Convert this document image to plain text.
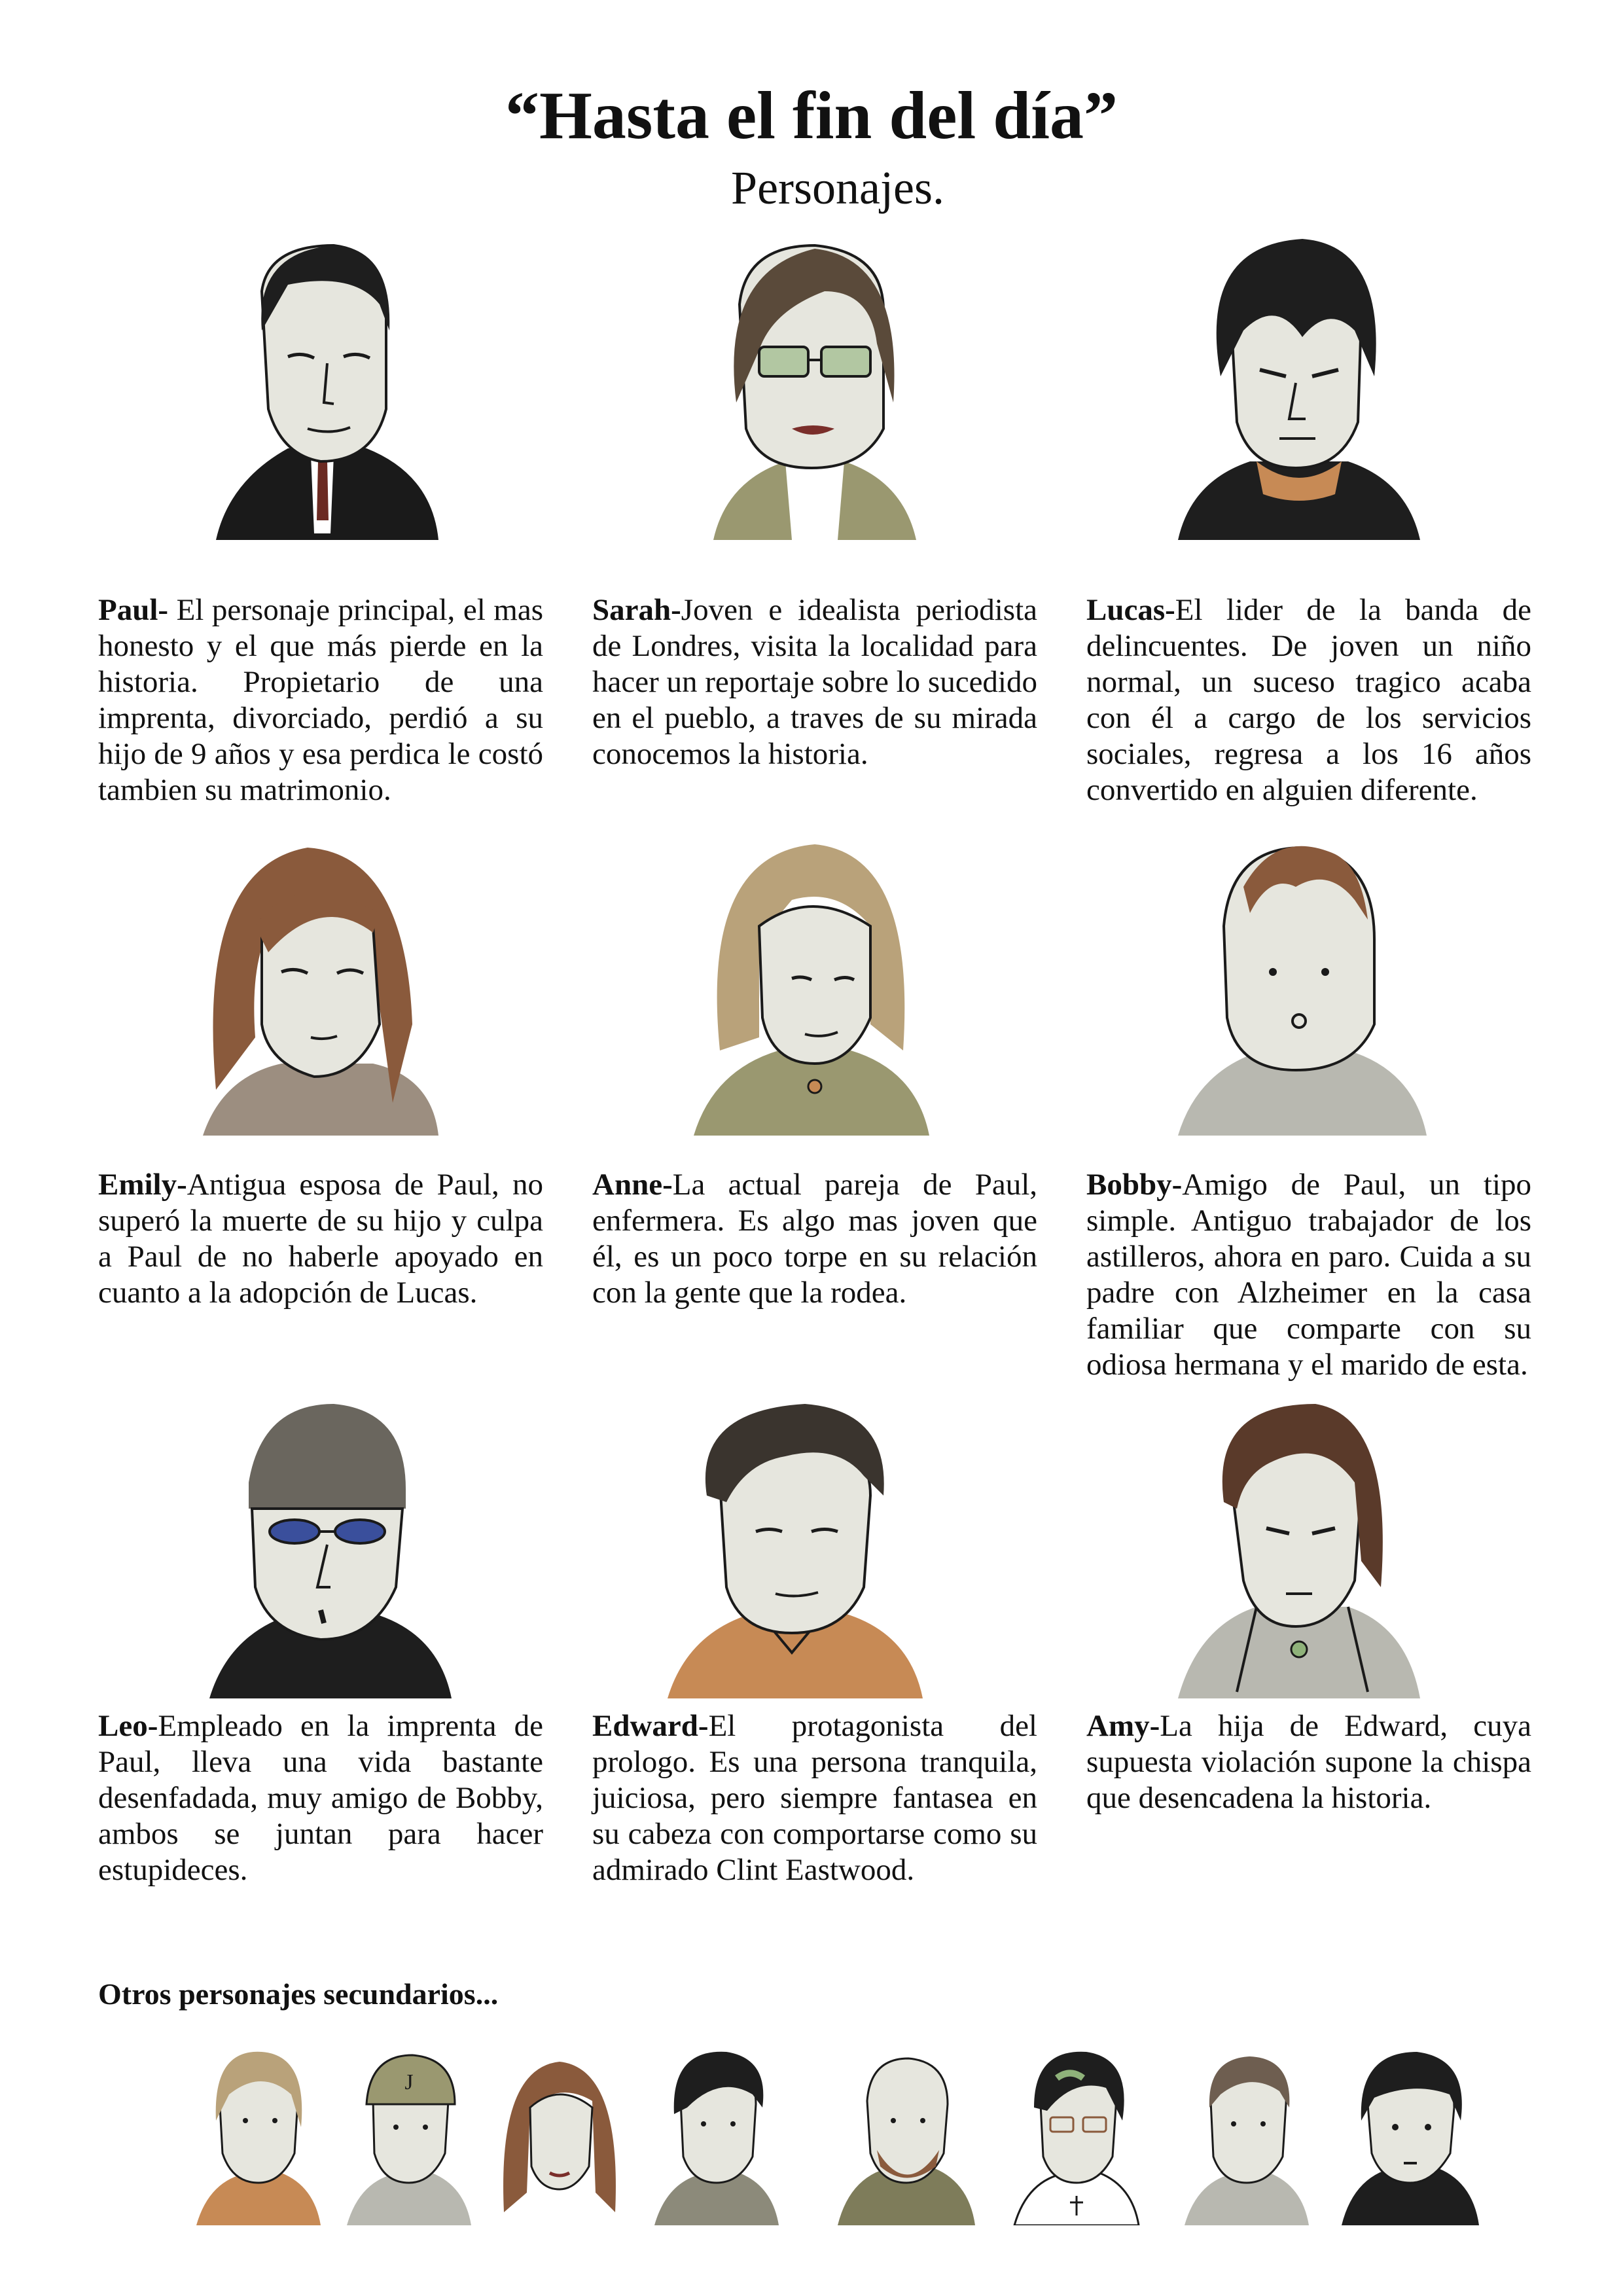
“Hasta el fin del día”
Personajes.
Paul- El personaje principal, el mas honesto y el que más pierde en la historia. Propietario de una imprenta, divorciado, perdió a su hijo de 9 años y esa perdica le costó tambien su matrimonio.
Sarah-Joven e idealista periodista de Londres, visita la localidad para hacer un reportaje sobre lo sucedido en el pueblo, a traves de su mirada conocemos la historia.
Lucas-El lider de la banda de delincuentes. De joven un niño normal, un suceso tragico acaba con él a cargo de los servicios sociales, regresa a los 16 años convertido en alguien diferente.
Emily-Antigua esposa de Paul, no superó la muerte de su hijo y culpa a Paul de no haberle apoyado en cuanto a la adopción de Lucas.
Anne-La actual pareja de Paul, enfermera. Es algo mas joven que él, es un poco torpe en su relación con la gente que la rodea.
Bobby-Amigo de Paul, un tipo simple. Antiguo trabajador de los astilleros, ahora en paro. Cuida a su padre con Alzheimer en la casa familiar que comparte con su odiosa hermana y el marido de esta.
Leo-Empleado en la imprenta de Paul, lleva una vida bastante desenfadada, muy amigo de Bobby, ambos se juntan para hacer estupideces.
Edward-El protagonista del prologo. Es una persona tranquila, juiciosa, pero siempre fantasea en su cabeza con comportarse como su admirado Clint Eastwood.
Amy-La hija de Edward, cuya supuesta violación supone la chispa que desencadena la historia.
Otros personajes secundarios...
J
